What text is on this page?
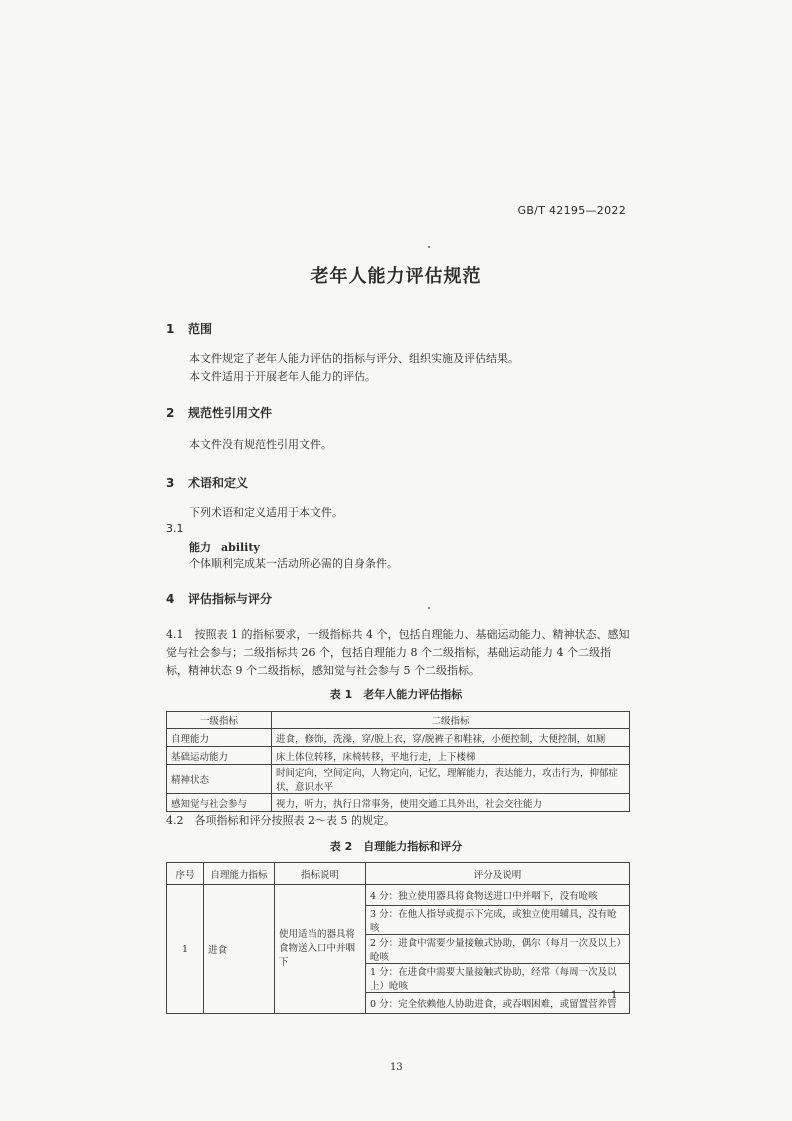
GB/T 42195—2022
老年人能力评估规范
1 范围
本文件规定了老年人能力评估的指标与评分、组织实施及评估结果。
本文件适用于开展老年人能力的评估。
2 规范性引用文件
本文件没有规范性引用文件。
3 术语和定义
下列术语和定义适用于本文件。
3.1
能力 ability
个体顺利完成某一活动所必需的自身条件。
4 评估指标与评分
4.1　按照表 1 的指标要求，一级指标共 4 个，包括自理能力、基础运动能力、精神状态、感知觉与社会参与；二级指标共 26 个，包括自理能力 8 个二级指标，基础运动能力 4 个二级指标，精神状态 9 个二级指标，感知觉与社会参与 5 个二级指标。
表 1　老年人能力评估指标
一级指标	二级指标
自理能力	进食，修饰，洗澡，穿/脱上衣，穿/脱裤子和鞋袜，小便控制，大便控制，如厕
基础运动能力	床上体位转移，床椅转移，平地行走，上下楼梯
精神状态	时间定向，空间定向，人物定向，记忆，理解能力，表达能力，攻击行为，抑郁症状，意识水平
感知觉与社会参与	视力，听力，执行日常事务，使用交通工具外出，社会交往能力
4.2　各项指标和评分按照表 2～表 5 的规定。
表 2　自理能力指标和评分
序号	自理能力指标	指标说明	评分及说明
1	进食	使用适当的器具将食物送入口中并咽下	4 分：独立使用器具将食物送进口中并咽下，没有呛咳
			3 分：在他人指导或提示下完成，或独立使用辅具，没有呛咳
			2 分：进食中需要少量接触式协助，偶尔（每月一次及以上）呛咳
			1 分：在进食中需要大量接触式协助，经常（每周一次及以上）呛咳
			0 分：完全依赖他人协助进食，或吞咽困难，或留置营养管
1
13
